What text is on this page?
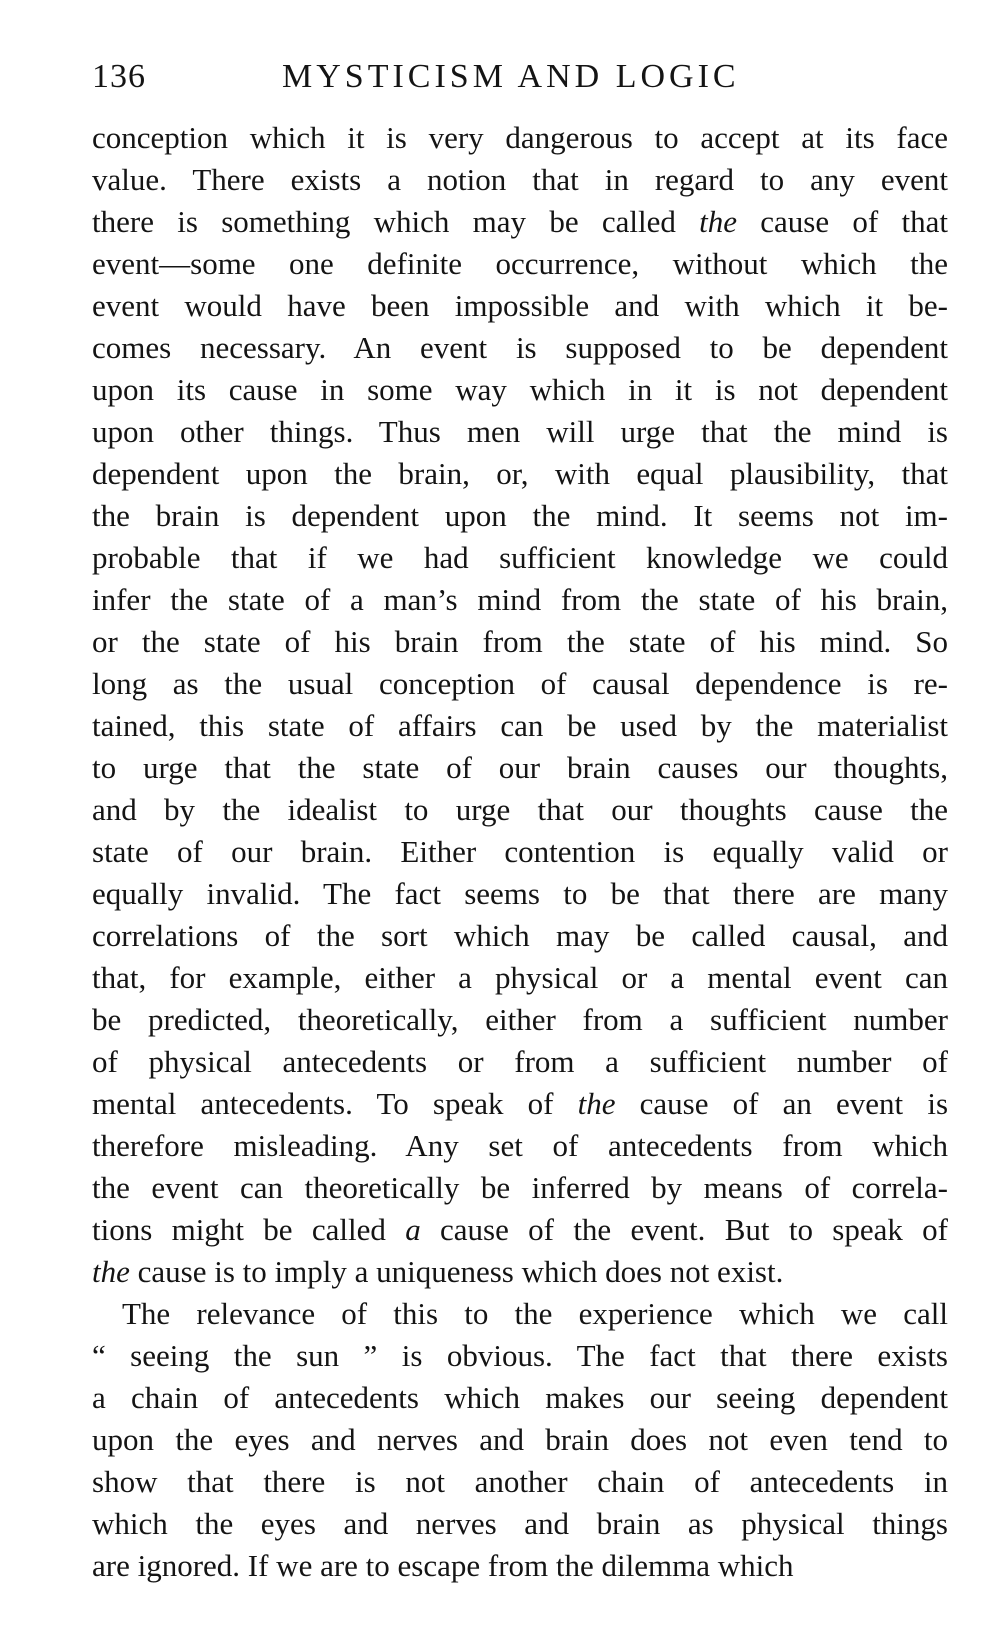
136	MYSTICISM AND LOGIC
conception which it is very dangerous to accept at its face
value. There exists a notion that in regard to any event
there is something which may be called the cause of that
event—some one definite occurrence, without which the
event would have been impossible and with which it be-
comes necessary. An event is supposed to be dependent
upon its cause in some way which in it is not dependent
upon other things. Thus men will urge that the mind is
dependent upon the brain, or, with equal plausibility, that
the brain is dependent upon the mind. It seems not im-
probable that if we had sufficient knowledge we could
infer the state of a man’s mind from the state of his brain,
or the state of his brain from the state of his mind. So
long as the usual conception of causal dependence is re-
tained, this state of affairs can be used by the materialist
to urge that the state of our brain causes our thoughts,
and by the idealist to urge that our thoughts cause the
state of our brain. Either contention is equally valid or
equally invalid. The fact seems to be that there are many
correlations of the sort which may be called causal, and
that, for example, either a physical or a mental event can
be predicted, theoretically, either from a sufficient number
of physical antecedents or from a sufficient number of
mental antecedents. To speak of the cause of an event is
therefore misleading. Any set of antecedents from which
the event can theoretically be inferred by means of correla-
tions might be called a cause of the event. But to speak of
the cause is to imply a uniqueness which does not exist.
The relevance of this to the experience which we call
“ seeing the sun ” is obvious. The fact that there exists
a chain of antecedents which makes our seeing dependent
upon the eyes and nerves and brain does not even tend to
show that there is not another chain of antecedents in
which the eyes and nerves and brain as physical things
are ignored. If we are to escape from the dilemma which
